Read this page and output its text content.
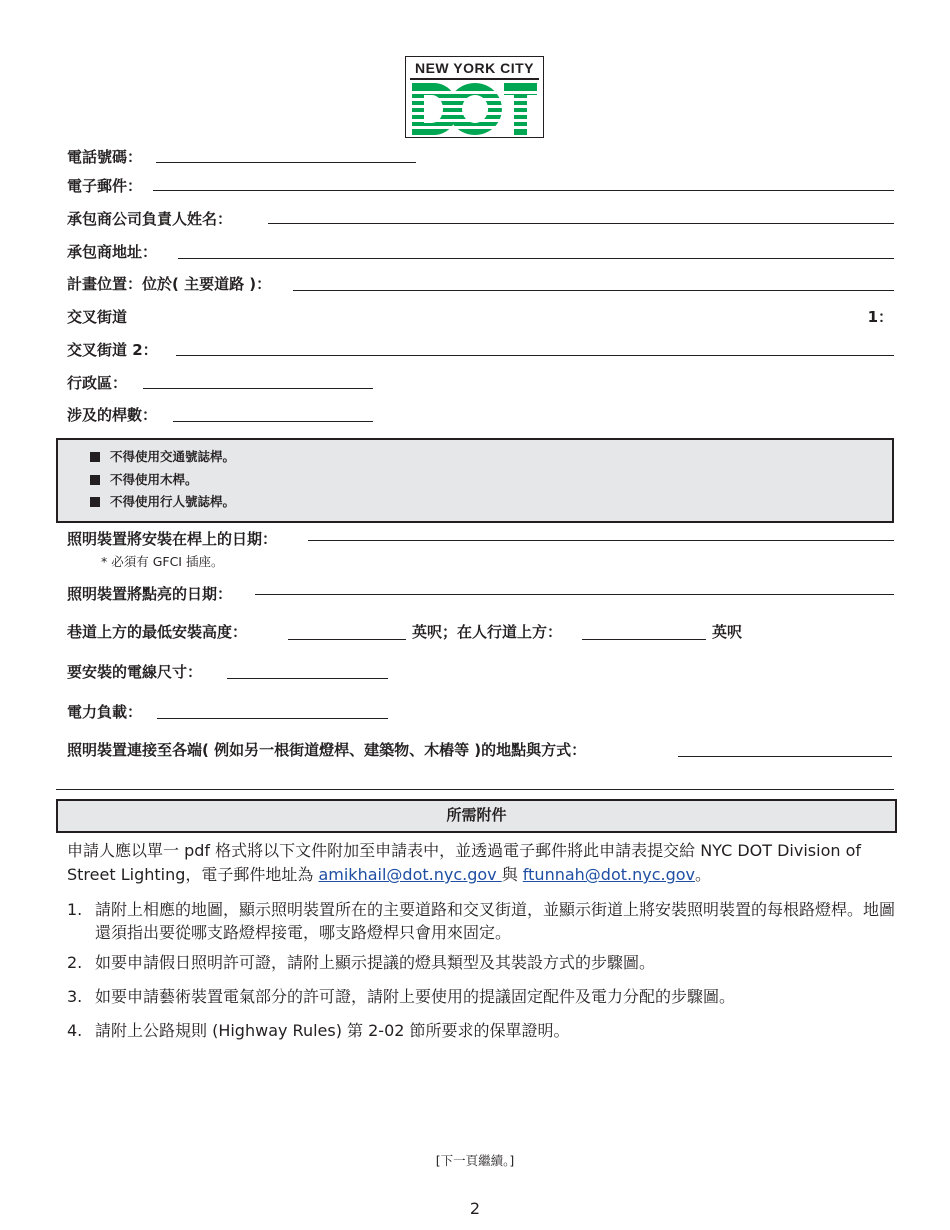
NEW YORK CITY
電話號碼：
電子郵件：
承包商公司負責人姓名：
承包商地址：
計畫位置：位於( 主要道路 )：
交叉街道	1：
交叉街道 2：
行政區：
涉及的桿數：
不得使用交通號誌桿。
不得使用木桿。
不得使用行人號誌桿。
照明裝置將安裝在桿上的日期：
* 必須有 GFCI 插座。
照明裝置將點亮的日期：
巷道上方的最低安裝高度：	英呎；在人行道上方：	英呎
要安裝的電線尺寸：
電力負載：
照明裝置連接至各端( 例如另一根街道燈桿、建築物、木樁等 )的地點與方式：
所需附件
申請人應以單一 pdf 格式將以下文件附加至申請表中，並透過電子郵件將此申請表提交給 NYC DOT Division of Street Lighting，電子郵件地址為 amikhail@dot.nyc.gov 與 ftunnah@dot.nyc.gov。
1. 請附上相應的地圖，顯示照明裝置所在的主要道路和交叉街道，並顯示街道上將安裝照明裝置的每根路燈桿。地圖還須指出要從哪支路燈桿接電，哪支路燈桿只會用來固定。
2. 如要申請假日照明許可證，請附上顯示提議的燈具類型及其裝設方式的步驟圖。
3. 如要申請藝術裝置電氣部分的許可證，請附上要使用的提議固定配件及電力分配的步驟圖。
4. 請附上公路規則 (Highway Rules) 第 2-02 節所要求的保單證明。
[下一頁繼續。]
2
